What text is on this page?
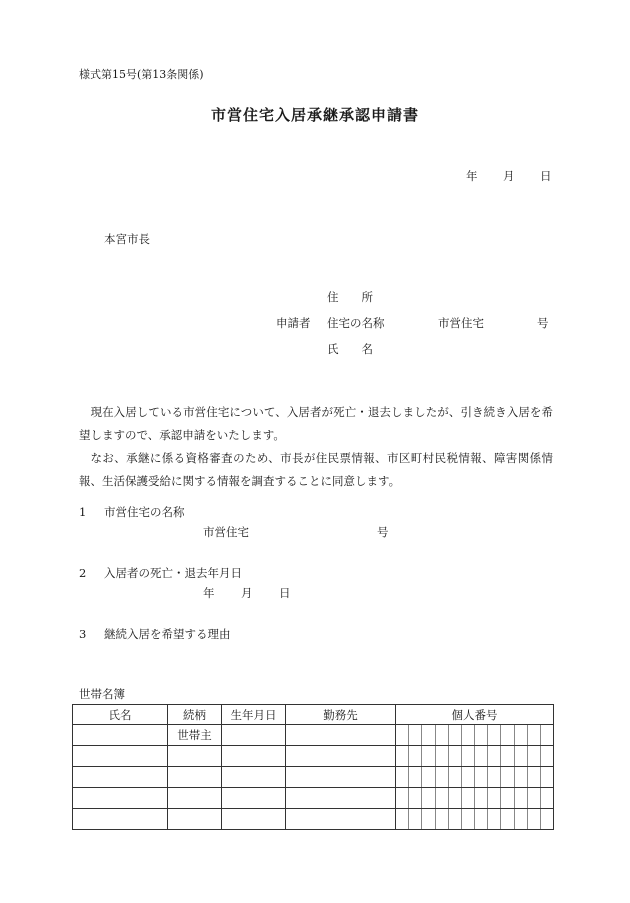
様式第15号(第13条関係)
市営住宅入居承継承認申請書
年 月 日
本宮市長
住　　所
申請者 住宅の名称	市営住宅	号
氏　　名

現在入居している市営住宅について、入居者が死亡・退去しましたが、引き続き入居を希望しますので、承認申請をいたします。

なお、承継に係る資格審査のため、市長が住民票情報、市区町村民税情報、障害関係情報、生活保護受給に関する情報を調査することに同意します。

1 市営住宅の名称
市営住宅	号
2 入居者の死亡・退去年月日
年 月 日
3 継続入居を希望する理由
世帯名簿
氏名	続柄	生年月日	勤務先	個人番号
	世帯主			
